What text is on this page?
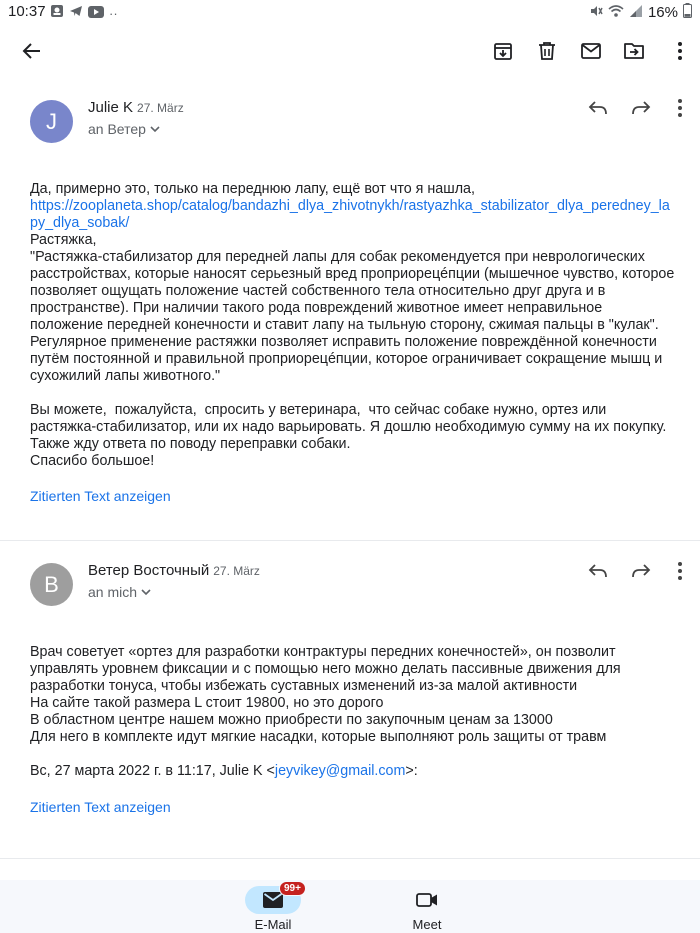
10:37	··	16%
J
Julie K 27. März
an Ветер

Да, примерно это, только на переднюю лапу, ещё вот что я нашла,

https://zooplaneta.shop/catalog/bandazhi_dlya_zhivotnykh/rastyazhka_stabilizator_dlya_peredney_lapy_dlya_sobak/

Растяжка,
"Растяжка-стабилизатор для передней лапы для собак рекомендуется при неврологических расстройствах, которые наносят серьезный вред проприорецéпции (мышечное чувство, которое позволяет ощущать положение частей собственного тела относительно друг друга и в пространстве). При наличии такого рода повреждений животное имеет неправильное положение передней конечности и ставит лапу на тыльную сторону, сжимая пальцы в "кулак".
Регулярное применение растяжки позволяет исправить положение повреждённой конечности путём постоянной и правильной проприорецéпции, которое ограничивает сокращение мышц и сухожилий лапы животного."

Вы можете,  пожалуйста,  спросить у ветеринара,  что сейчас собаке нужно, ортез или растяжка-стабилизатор, или их надо варьировать. Я дошлю необходимую сумму на их покупку.
Также жду ответа по поводу переправки собаки.
Спасибо большое!

Zitierten Text anzeigen
B
Ветер Восточный 27. März
an mich

Врач советует «ортез для разработки контрактуры передних конечностей», он позволит управлять уровнем фиксации и с помощью него можно делать пассивные движения для разработки тонуса, чтобы избежать суставных изменений из-за малой активности
На сайте такой размера L стоит 19800, но это дорого
В областном центре нашем можно приобрести по закупочным ценам за 13000
Для него в комплекте идут мягкие насадки, которые выполняют роль защиты от травм

Вс, 27 марта 2022 г. в 11:17, Julie K <jeyvikey@gmail.com>:

Zitierten Text anzeigen
99+
E-Mail	Meet
